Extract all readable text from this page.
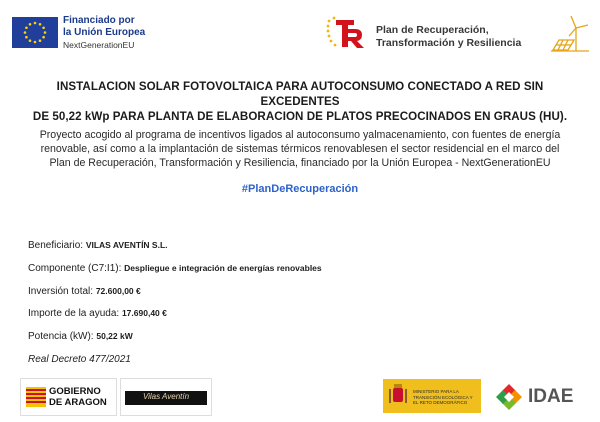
Financiado por
la Unión Europea
NextGenerationEU
Plan de Recuperación,
Transformación y Resiliencia
INSTALACION SOLAR FOTOVOLTAICA PARA AUTOCONSUMO CONECTADO A RED SIN EXCEDENTES
DE 50,22 kWp PARA PLANTA DE ELABORACION DE PLATOS PRECOCINADOS EN GRAUS (HU).
Proyecto acogido al programa de incentivos ligados al autoconsumo yalmacenamiento, con fuentes de energía
renovable, así como a la implantación de sistemas térmicos renovablesen el sector residencial en el marco del
Plan de Recuperación, Transformación y Resiliencia, financiado por la Unión Europea - NextGenerationEU
#PlanDeRecuperación
Beneficiario: VILAS AVENTÍN S.L.
Componente (C7:I1): Despliegue e integración de energías renovables
Inversión total: 72.600,00 €
Importe de la ayuda: 17.690,40 €
Potencia (kW): 50,22 kW
Real Decreto 477/2021
GOBIERNO
DE ARAGON
Vilas Aventín
MINISTERIO PARA LA TRANSICIÓN ECOLÓGICA Y EL RETO DEMOGRÁFICO	IDAE
